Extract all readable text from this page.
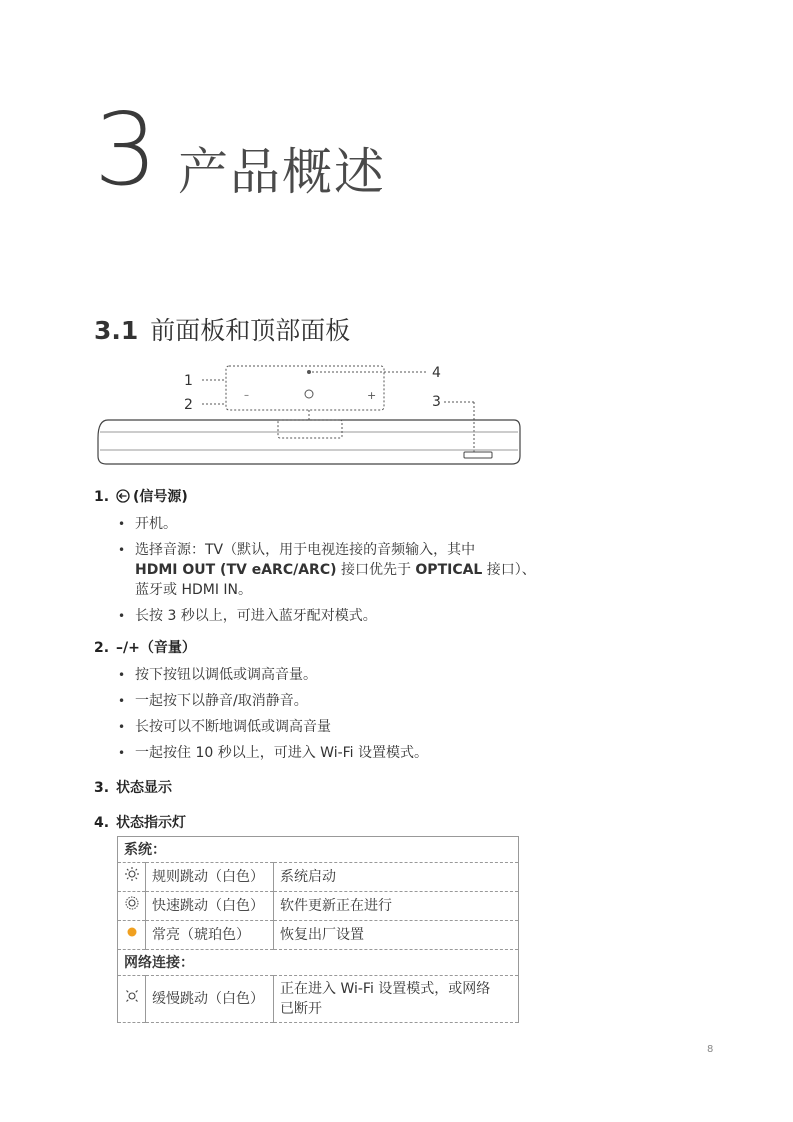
3 产品概述
3.1 前面板和顶部面板
–	+
1
2	3
4
1. (信号源)
• 开机。
• 选择音源：TV（默认，用于电视连接的音频输入，其中
HDMI OUT (TV eARC/ARC) 接口优先于 OPTICAL 接口）、
蓝牙或 HDMI IN。
• 长按 3 秒以上，可进入蓝牙配对模式。
2. –/+（音量）
• 按下按钮以调低或调高音量。
• 一起按下以静音/取消静音。
• 长按可以不断地调低或调高音量
• 一起按住 10 秒以上，可进入 Wi-Fi 设置模式。
3. 状态显示
4. 状态指示灯
系统：		
	规则跳动（白色）	系统启动
	快速跳动（白色）	软件更新正在进行
	常亮（琥珀色）	恢复出厂设置
网络连接：		
	缓慢跳动（白色）	正在进入 Wi-Fi 设置模式，或网络
已断开
8
